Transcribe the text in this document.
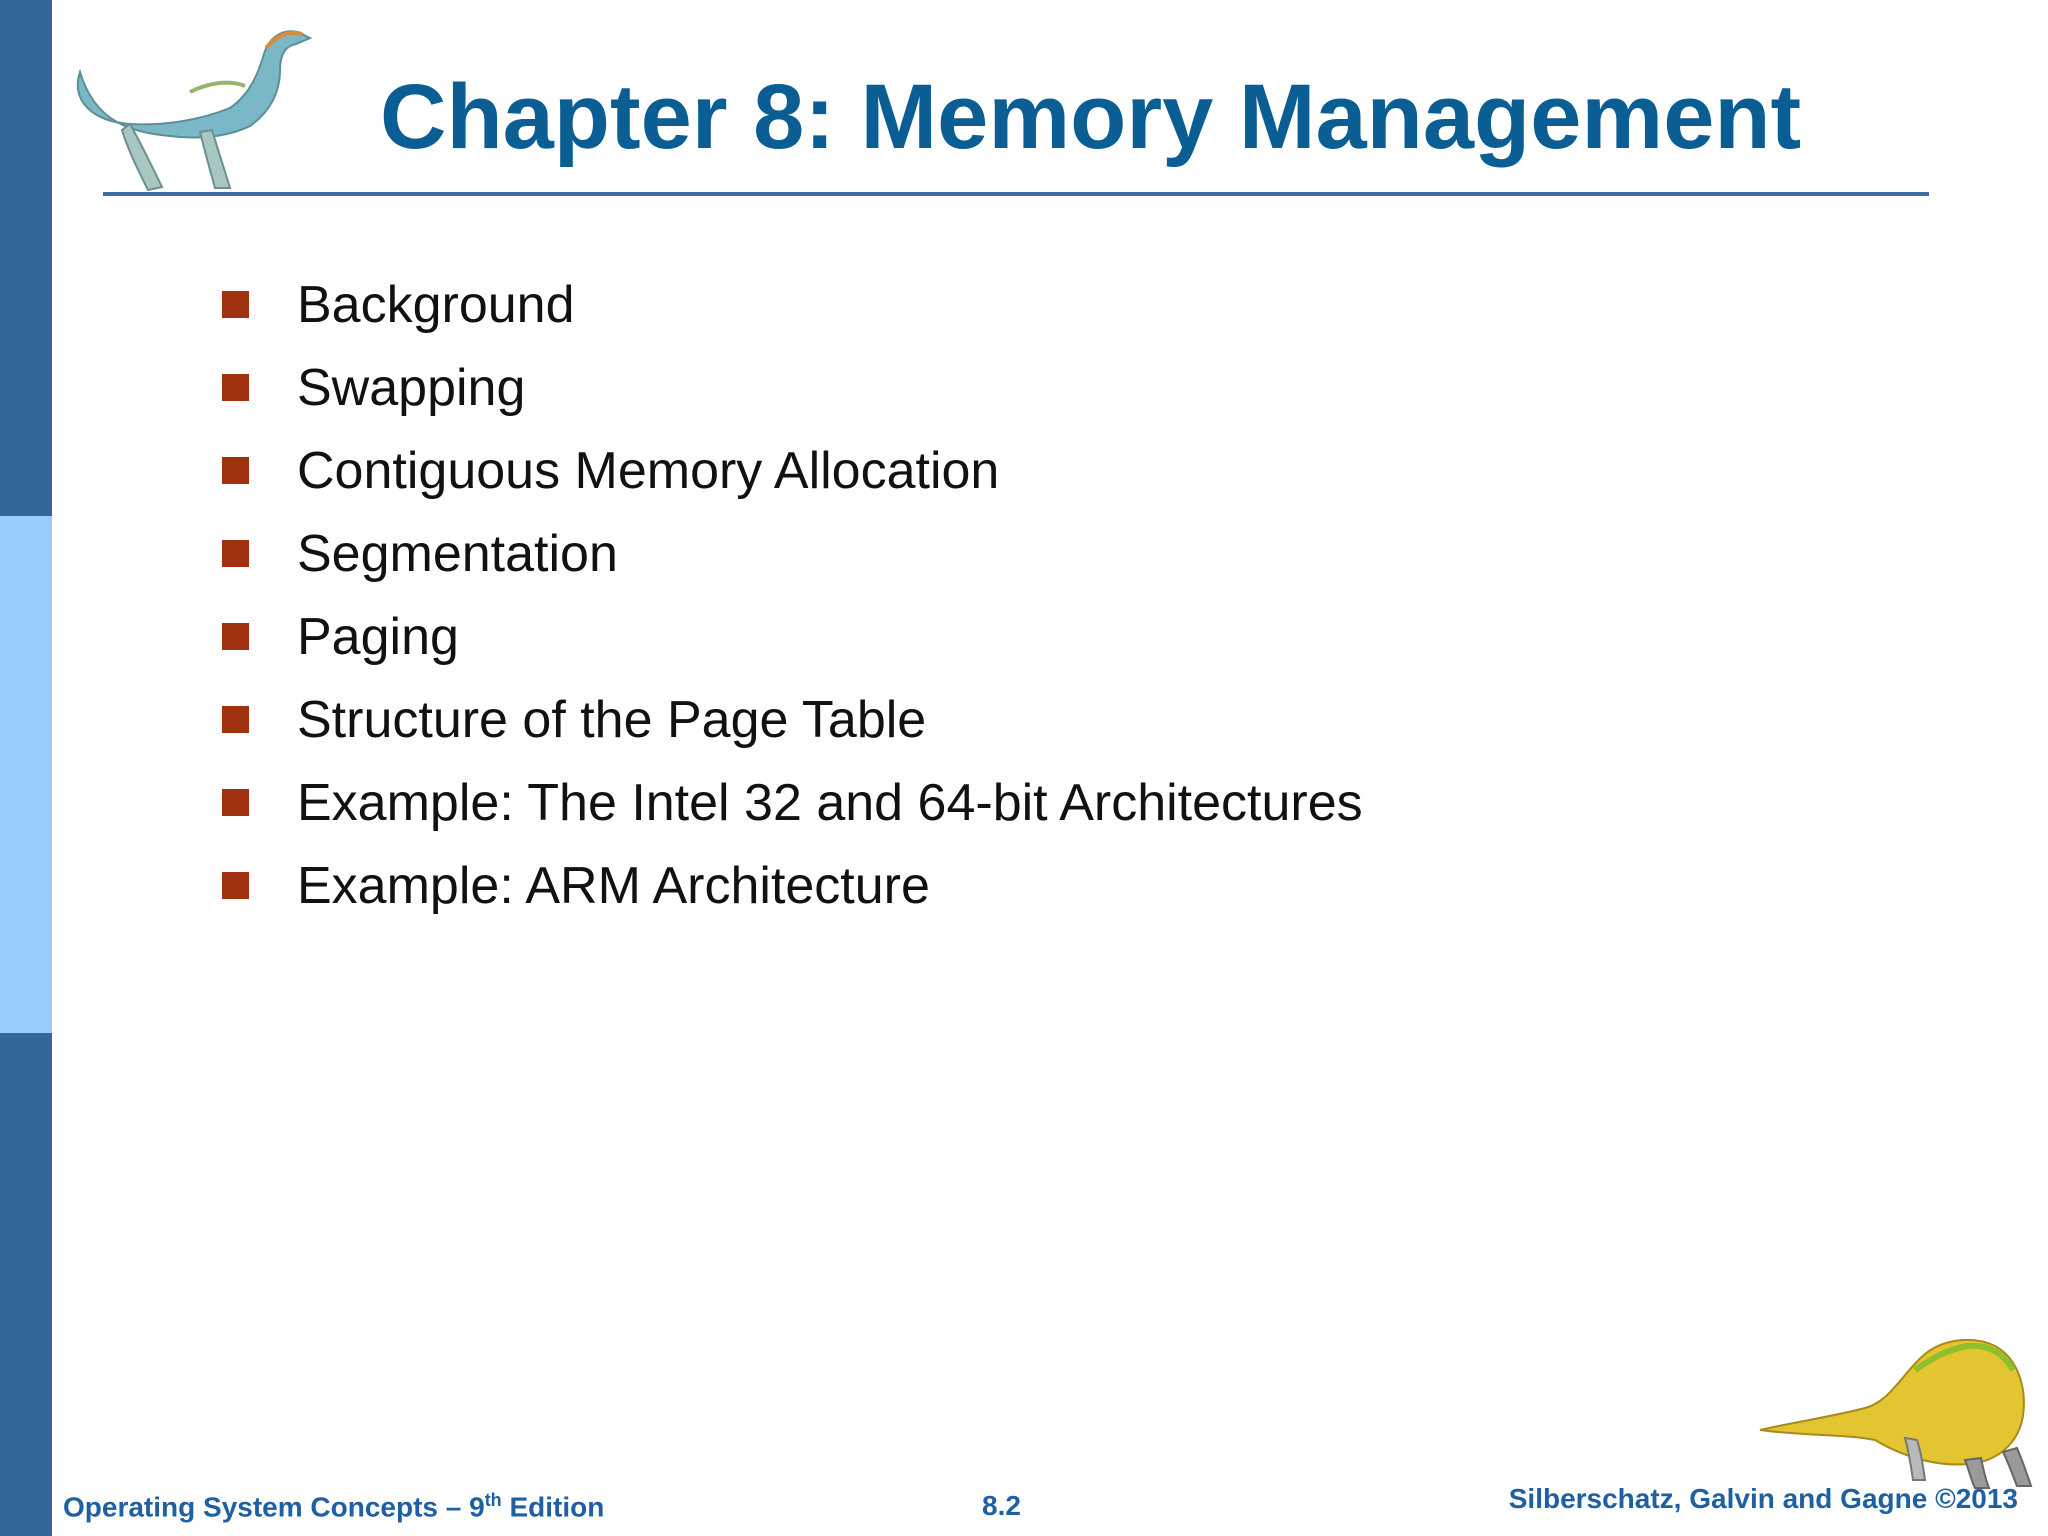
Chapter 8: Memory Management
Background
Swapping
Contiguous Memory Allocation
Segmentation
Paging
Structure of the Page Table
Example: The Intel 32 and 64-bit Architectures
Example: ARM Architecture
Operating System Concepts – 9th Edition	8.2	Silberschatz, Galvin and Gagne ©2013
